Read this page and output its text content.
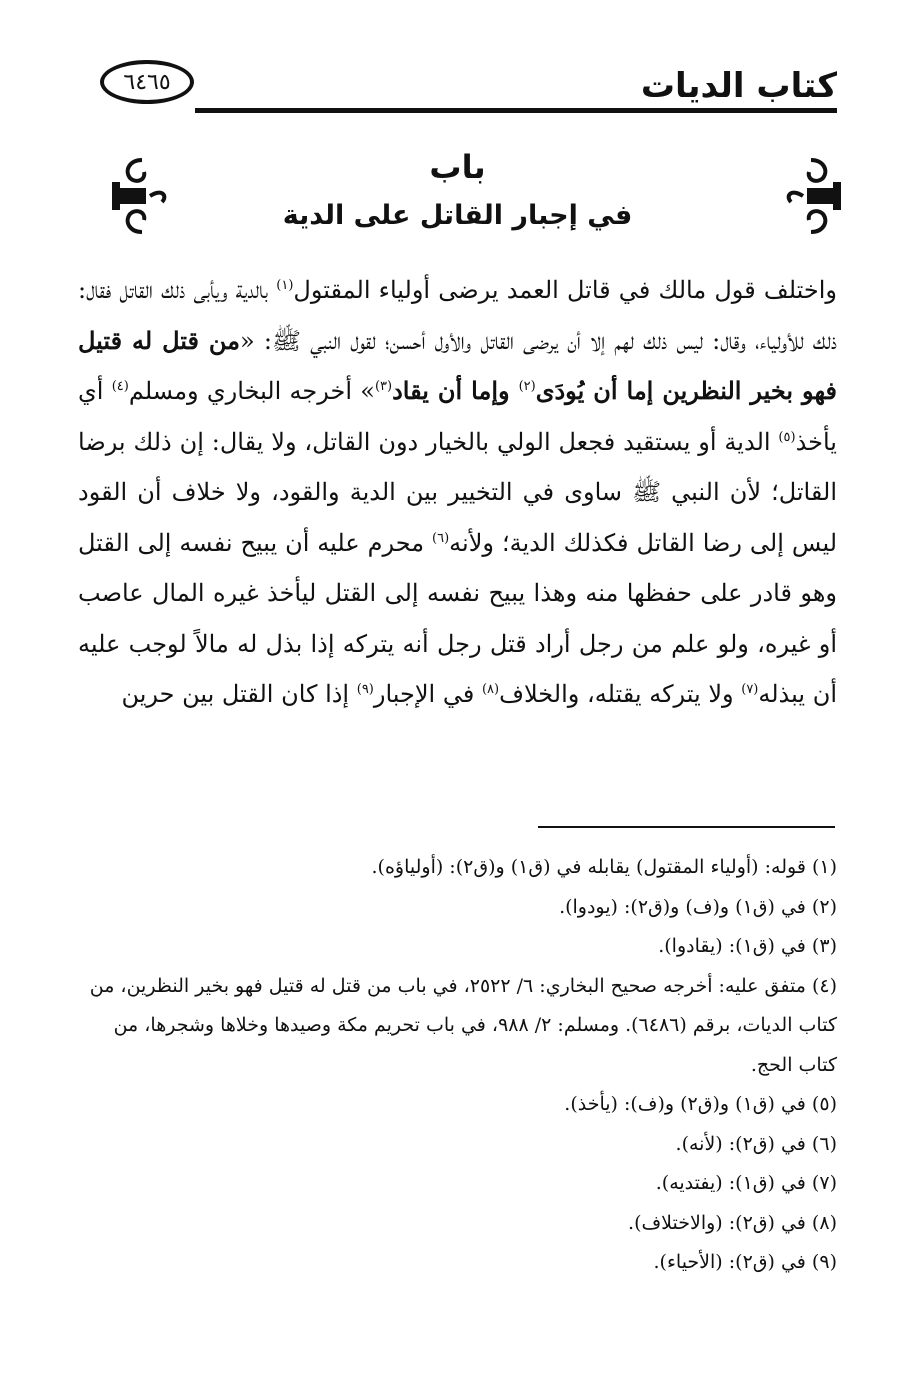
كتاب الديات
٦٤٦٥
باب
في إجبار القاتل على الدية

واختلف قول مالك في قاتل العمد يرضى أولياء المقتول$^{(١)}$ بالدية ويأبى ذلك القاتل فقال: ذلك للأولياء، وقال: ليس ذلك لهم إلا أن يرضى القاتل والأول أحسن؛ لقول النبي ﷺ: «من قتل له قتيل فهو بخير النظرين إما أن يُودَى$^{(٢)}$ وإما أن يقاد$^{(٣)}$» أخرجه البخاري ومسلم$^{(٤)}$ أي يأخذ$^{(٥)}$ الدية أو يستقيد فجعل الولي بالخيار دون القاتل، ولا يقال: إن ذلك برضا القاتل؛ لأن النبي ﷺ ساوى في التخيير بين الدية والقود، ولا خلاف أن القود ليس إلى رضا القاتل فكذلك الدية؛ ولأنه$^{(٦)}$ محرم عليه أن يبيح نفسه إلى القتل وهو قادر على حفظها منه وهذا يبيح نفسه إلى القتل ليأخذ غيره المال عاصب أو غيره، ولو علم من رجل أراد قتل رجل أنه يتركه إذا بذل له مالاً لوجب عليه أن يبذله$^{(٧)}$ ولا يتركه يقتله، والخلاف$^{(٨)}$ في الإجبار$^{(٩)}$ إذا كان القتل بين حرين

(١) قوله: (أولياء المقتول) يقابله في (ق١) و(ق٢): (أولياؤه).

(٢) في (ق١) و(ف) و(ق٢): (يودوا).

(٣) في (ق١): (يقادوا).

(٤) متفق عليه: أخرجه صحيح البخاري: ٦/ ٢٥٢٢، في باب من قتل له قتيل فهو بخير النظرين، من كتاب الديات، برقم (٦٤٨٦). ومسلم: ٢/ ٩٨٨، في باب تحريم مكة وصيدها وخلاها وشجرها، من كتاب الحج.

(٥) في (ق١) و(ق٢) و(ف): (يأخذ).

(٦) في (ق٢): (لأنه).

(٧) في (ق١): (يفتديه).

(٨) في (ق٢): (والاختلاف).

(٩) في (ق٢): (الأحياء).
